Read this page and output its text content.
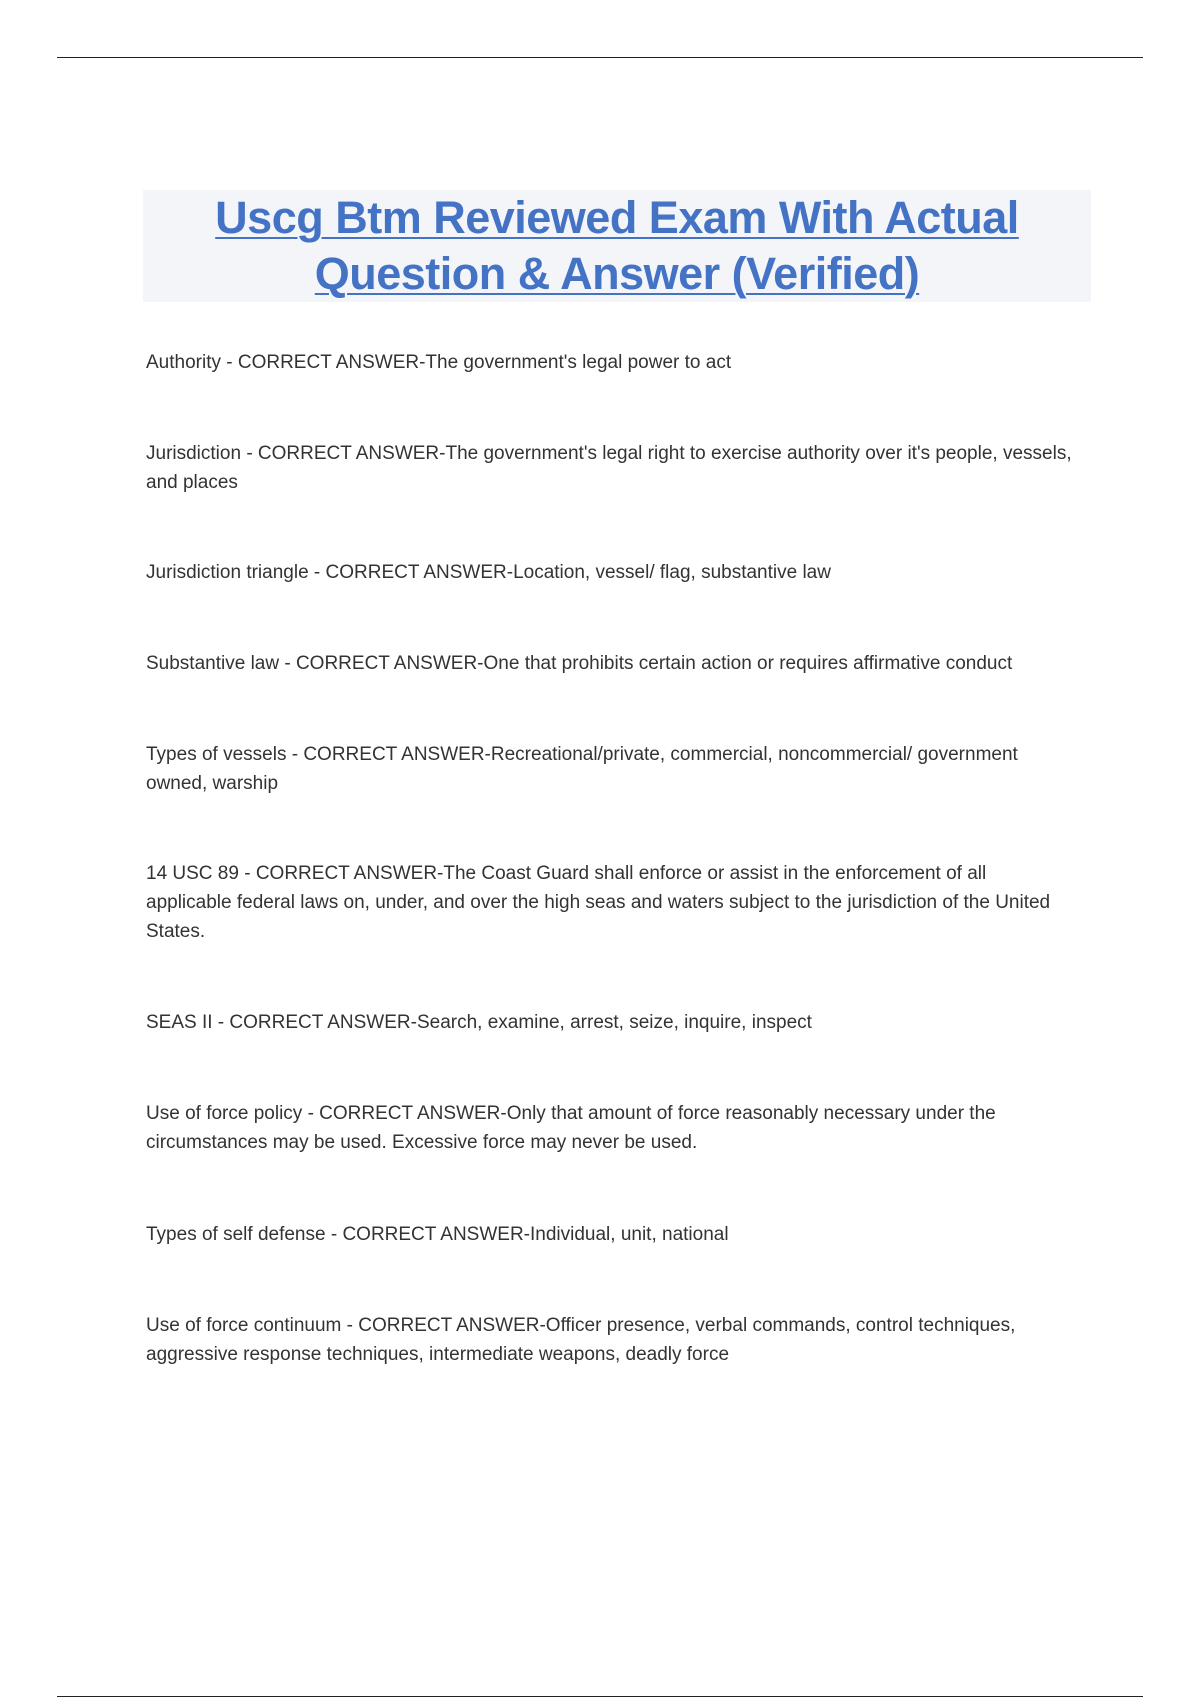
Uscg Btm Reviewed Exam With Actual
Question & Answer (Verified)

Authority - CORRECT ANSWER-The government's legal power to act

Jurisdiction - CORRECT ANSWER-The government's legal right to exercise authority over it's people, vessels, and places

Jurisdiction triangle - CORRECT ANSWER-Location, vessel/ flag, substantive law

Substantive law - CORRECT ANSWER-One that prohibits certain action or requires affirmative conduct

Types of vessels - CORRECT ANSWER-Recreational/private, commercial, noncommercial/ government owned, warship

14 USC 89 - CORRECT ANSWER-The Coast Guard shall enforce or assist in the enforcement of all applicable federal laws on, under, and over the high seas and waters subject to the jurisdiction of the United States.

SEAS II - CORRECT ANSWER-Search, examine, arrest, seize, inquire, inspect

Use of force policy - CORRECT ANSWER-Only that amount of force reasonably necessary under the circumstances may be used. Excessive force may never be used.

Types of self defense - CORRECT ANSWER-Individual, unit, national

Use of force continuum - CORRECT ANSWER-Officer presence, verbal commands, control techniques, aggressive response techniques, intermediate weapons, deadly force
